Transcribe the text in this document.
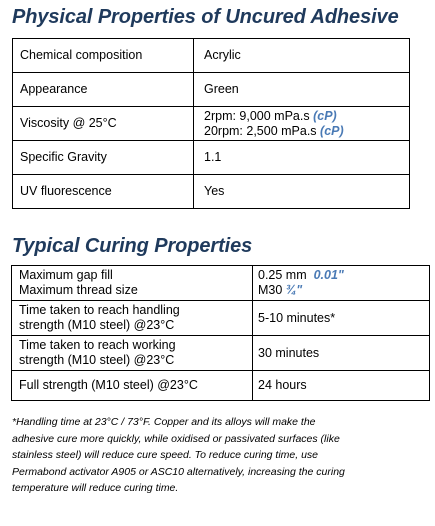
Physical Properties of Uncured Adhesive
Chemical composition	Acrylic
Appearance	Green
Viscosity @ 25°C	2rpm: 9,000 mPa.s (cP)
20rpm: 2,500 mPa.s (cP)

Specific Gravity	1.1
UV fluorescence	Yes
Typical Curing Properties
Maximum gap fill
Maximum thread size	0.25 mm 0.01"
M30 ¾"

Time taken to reach handling
strength (M10 steel) @23°C	5-10 minutes*

Time taken to reach working
strength (M10 steel) @23°C	30 minutes
Full strength (M10 steel) @23°C	24 hours

*Handling time at 23°C / 73°F. Copper and its alloys will make the
adhesive cure more quickly, while oxidised or passivated surfaces (like
stainless steel) will reduce cure speed. To reduce curing time, use
Permabond activator A905 or ASC10 alternatively, increasing the curing
temperature will reduce curing time.
